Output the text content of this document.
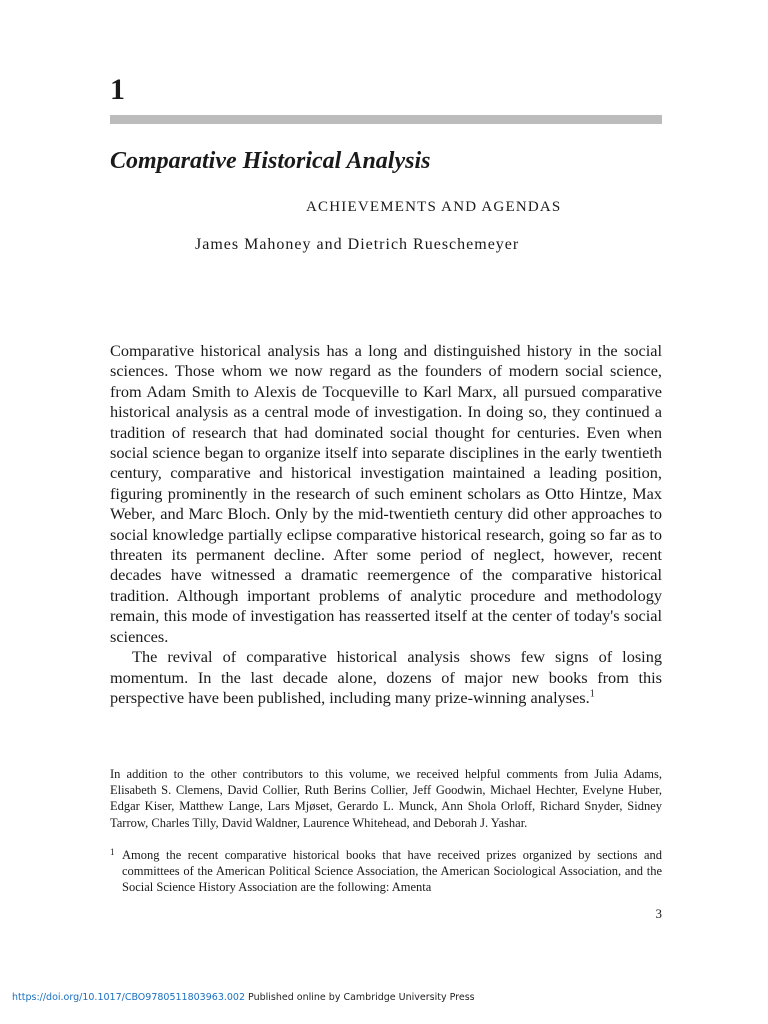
1
Comparative Historical Analysis
ACHIEVEMENTS AND AGENDAS
James Mahoney and Dietrich Rueschemeyer

Comparative historical analysis has a long and distinguished history in the social sciences. Those whom we now regard as the founders of modern social science, from Adam Smith to Alexis de Tocqueville to Karl Marx, all pursued comparative historical analysis as a central mode of investigation. In doing so, they continued a tradition of research that had dominated social thought for centuries. Even when social science began to organize itself into separate disciplines in the early twentieth century, comparative and historical investigation maintained a leading position, figuring prominently in the research of such eminent scholars as Otto Hintze, Max Weber, and Marc Bloch. Only by the mid-twentieth century did other approaches to social knowledge partially eclipse comparative historical research, going so far as to threaten its permanent decline. After some period of neglect, however, recent decades have witnessed a dramatic reemergence of the comparative historical tradition. Although important problems of analytic procedure and methodology remain, this mode of investigation has reasserted itself at the center of today's social sciences.

The revival of comparative historical analysis shows few signs of losing momentum. In the last decade alone, dozens of major new books from this perspective have been published, including many prize-winning analyses.$^1$

In addition to the other contributors to this volume, we received helpful comments from Julia Adams, Elisabeth S. Clemens, David Collier, Ruth Berins Collier, Jeff Goodwin, Michael Hechter, Evelyne Huber, Edgar Kiser, Matthew Lange, Lars Mjøset, Gerardo L. Munck, Ann Shola Orloff, Richard Snyder, Sidney Tarrow, Charles Tilly, David Waldner, Laurence Whitehead, and Deborah J. Yashar.

1 Among the recent comparative historical books that have received prizes organized by sections and committees of the American Political Science Association, the American Sociological Association, and the Social Science History Association are the following: Amenta
3
https://doi.org/10.1017/CBO9780511803963.002 Published online by Cambridge University Press
